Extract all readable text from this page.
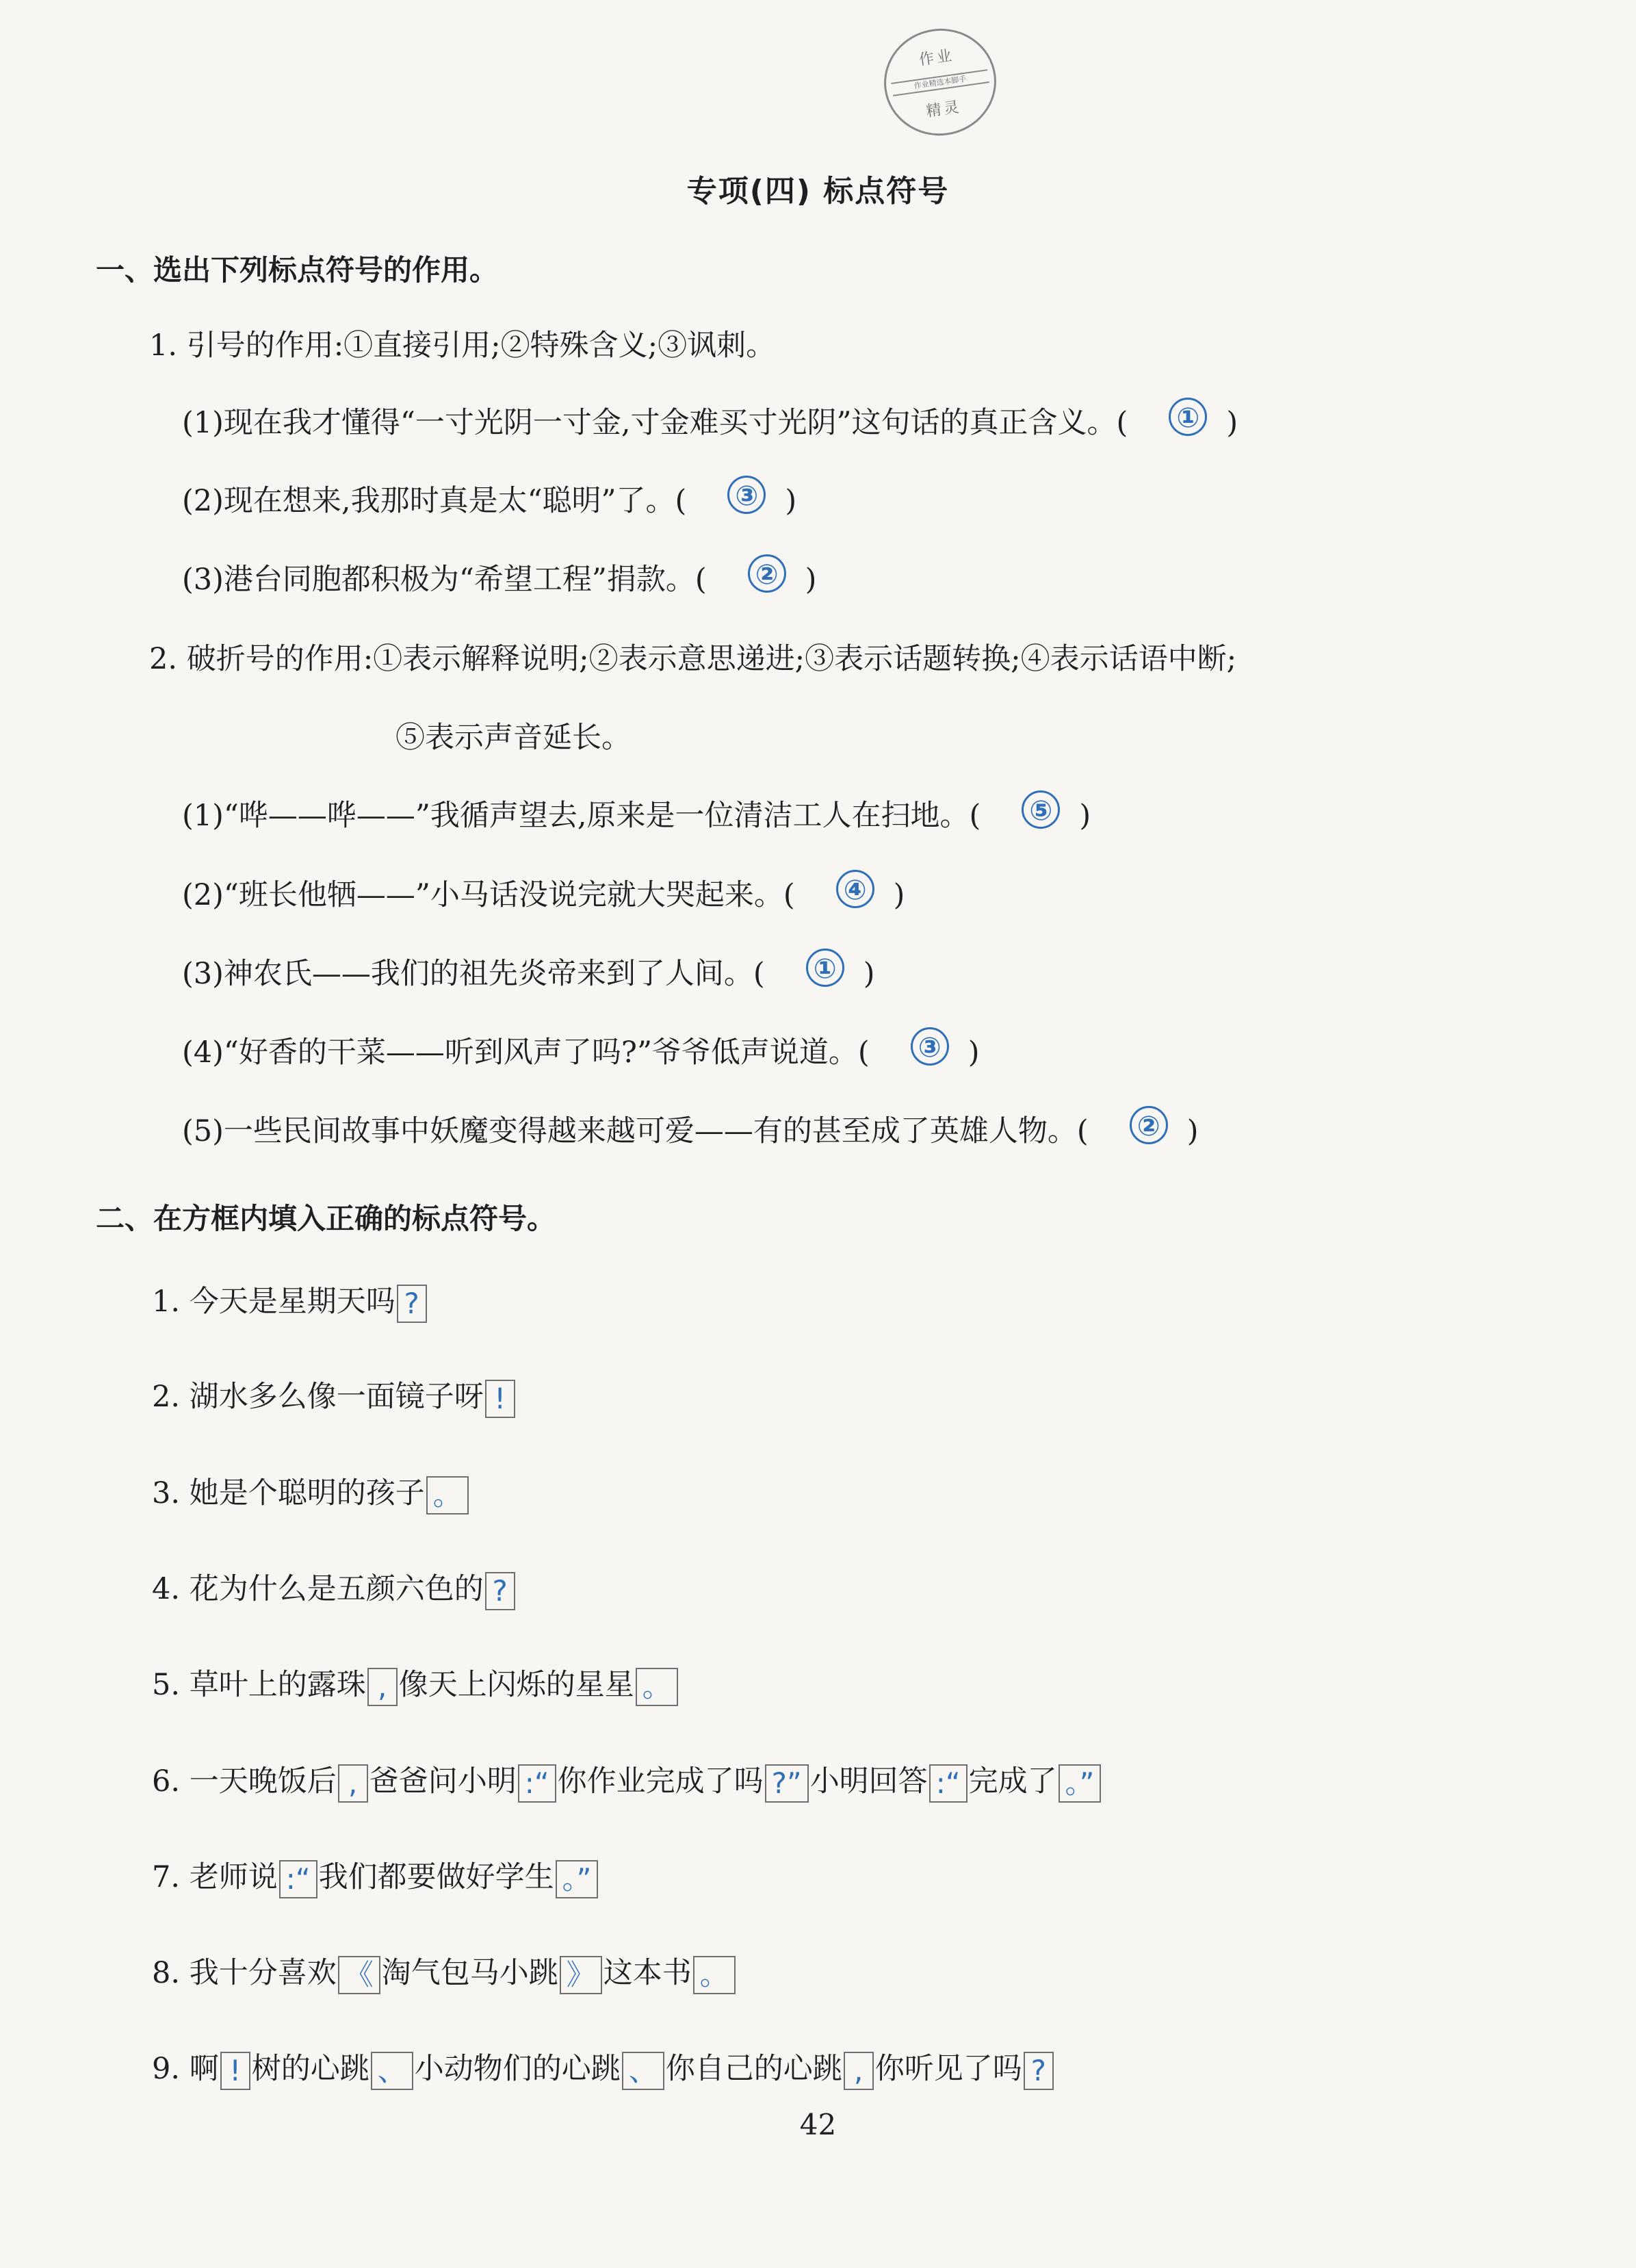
作业
作业精选本脚手
精灵
专项(四) 标点符号
一、选出下列标点符号的作用。
1. 引号的作用:①直接引用;②特殊含义;③讽刺。
(1)现在我才懂得“一寸光阴一寸金,寸金难买寸光阴”这句话的真正含义。( ① )
(2)现在想来,我那时真是太“聪明”了。( ③ )
(3)港台同胞都积极为“希望工程”捐款。( ② )
2. 破折号的作用:①表示解释说明;②表示意思递进;③表示话题转换;④表示话语中断;
⑤表示声音延长。
(1)“哗——哗——”我循声望去,原来是一位清洁工人在扫地。( ⑤ )
(2)“班长他牺——”小马话没说完就大哭起来。( ④ )
(3)神农氏——我们的祖先炎帝来到了人间。( ① )
(4)“好香的干菜——听到风声了吗?”爷爷低声说道。( ③ )
(5)一些民间故事中妖魔变得越来越可爱——有的甚至成了英雄人物。( ② )
二、在方框内填入正确的标点符号。
1. 今天是星期天吗 ?
2. 湖水多么像一面镜子呀 !
3. 她是个聪明的孩子 。
4. 花为什么是五颜六色的 ?
5. 草叶上的露珠 , 像天上闪烁的星星 。
6. 一天晚饭后 , 爸爸问小明 :“ 你作业完成了吗 ?” 小明回答 :“ 完成了 。”
7. 老师说 :“ 我们都要做好学生 。”
8. 我十分喜欢 《 淘气包马小跳 》 这本书 。
9. 啊 ! 树的心跳 、 小动物们的心跳 、 你自己的心跳 , 你听见了吗 ?
42
